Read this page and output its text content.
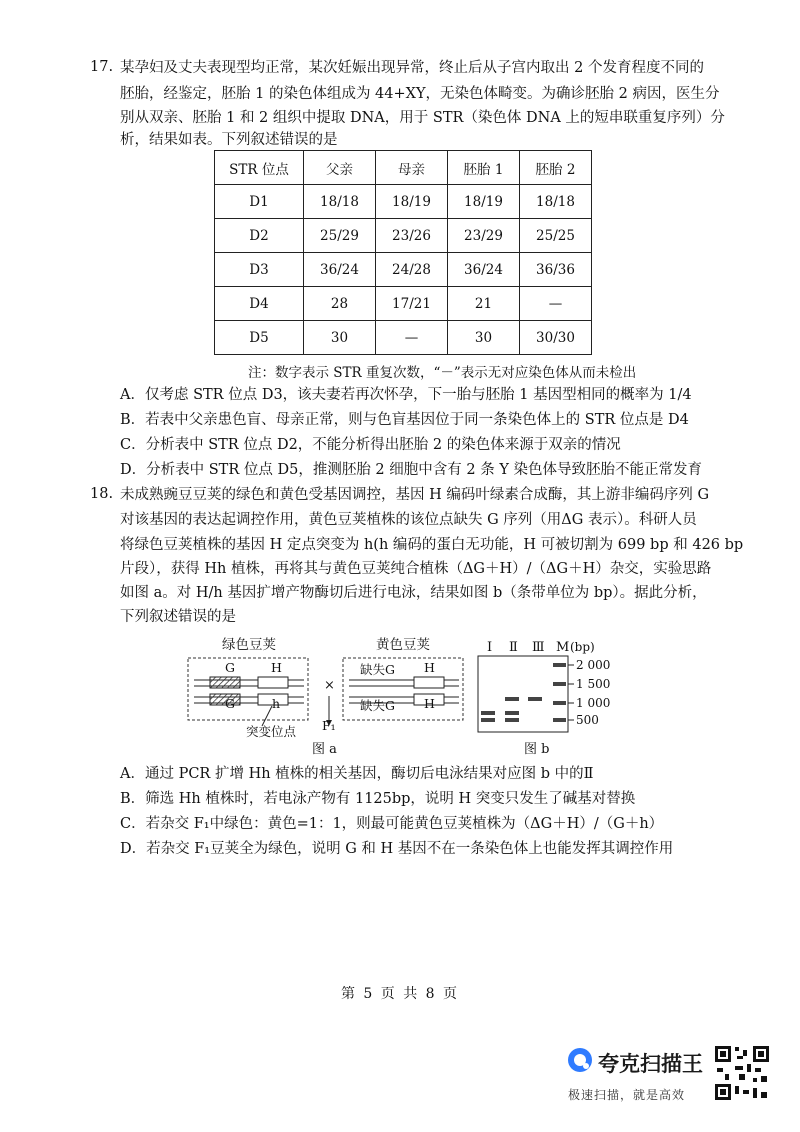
17. 某孕妇及丈夫表现型均正常，某次妊娠出现异常，终止后从子宫内取出 2 个发育程度不同的
胚胎，经鉴定，胚胎 1 的染色体组成为 44+XY，无染色体畸变。为确诊胚胎 2 病因，医生分
别从双亲、胚胎 1 和 2 组织中提取 DNA，用于 STR（染色体 DNA 上的短串联重复序列）分
析，结果如表。下列叙述错误的是
STR 位点	父亲	母亲	胚胎 1	胚胎 2
D1	18/18	18/19	18/19	18/18
D2	25/29	23/26	23/29	25/25
D3	36/24	24/28	36/24	36/36
D4	28	17/21	21	—
D5	30	—	30	30/30
注：数字表示 STR 重复次数，“－”表示无对应染色体从而未检出
A．仅考虑 STR 位点 D3，该夫妻若再次怀孕，下一胎与胚胎 1 基因型相同的概率为 1/4
B．若表中父亲患色盲、母亲正常，则与色盲基因位于同一条染色体上的 STR 位点是 D4
C．分析表中 STR 位点 D2，不能分析得出胚胎 2 的染色体来源于双亲的情况
D．分析表中 STR 位点 D5，推测胚胎 2 细胞中含有 2 条 Y 染色体导致胚胎不能正常发育
18. 未成熟豌豆豆荚的绿色和黄色受基因调控，基因 H 编码叶绿素合成酶，其上游非编码序列 G
对该基因的表达起调控作用，黄色豆荚植株的该位点缺失 G 序列（用ΔG 表示）。科研人员
将绿色豆荚植株的基因 H 定点突变为 h(h 编码的蛋白无功能，H 可被切割为 699 bp 和 426 bp
片段），获得 Hh 植株，再将其与黄色豆荚纯合植株（ΔG＋H）/（ΔG＋H）杂交，实验思路
如图 a。对 H/h 基因扩增产物酶切后进行电泳，结果如图 b（条带单位为 bp）。据此分析，
下列叙述错误的是
绿色豆荚	黄色豆荚
G	H
G	h
突变位点
×
F₁
缺失G H
缺失G H
图 a
I Ⅱ Ⅲ M (bp)
2 000
1 500
1 000
500
图 b
A．通过 PCR 扩增 Hh 植株的相关基因，酶切后电泳结果对应图 b 中的Ⅱ
B．筛选 Hh 植株时，若电泳产物有 1125bp，说明 H 突变只发生了碱基对替换
C．若杂交 F₁中绿色：黄色=1：1，则最可能黄色豆荚植株为（ΔG＋H）/（G＋h）
D．若杂交 F₁豆荚全为绿色，说明 G 和 H 基因不在一条染色体上也能发挥其调控作用
第 5 页 共 8 页
夸克扫描王
极速扫描，就是高效
